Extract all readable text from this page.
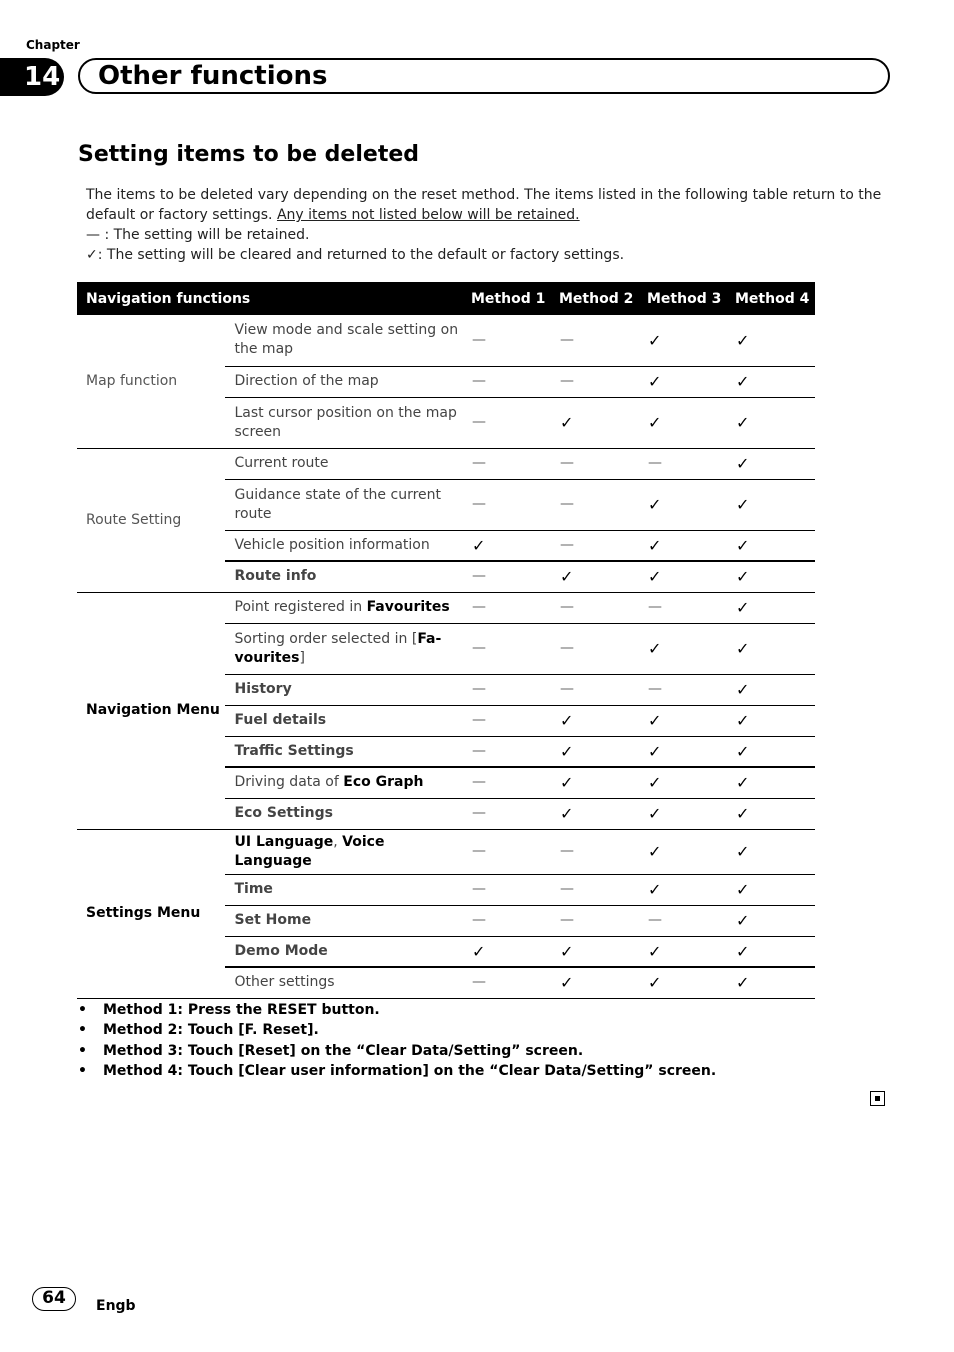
Chapter
14 Other functions
Setting items to be deleted

The items to be deleted vary depending on the reset method. The items listed in the following table return to the default or factory settings. Any items not listed below will be retained.

— : The setting will be retained.

✓: The setting will be cleared and returned to the default or factory settings.

Navigation functions		Method 1	Method 2	Method 3	Method 4
Map function	View mode and scale setting on the map	—	—	✓	✓
	Direction of the map	—	—	✓	✓
	Last cursor position on the map screen	—	✓	✓	✓
Route Setting	Current route	—	—	—	✓
	Guidance state of the current route	—	—	✓	✓
	Vehicle position information	✓	—	✓	✓
	Route info	—	✓	✓	✓
Navigation Menu	Point registered in Favourites	—	—	—	✓
	Sorting order selected in [Fa-vourites]	—	—	✓	✓
	History	—	—	—	✓
	Fuel details	—	✓	✓	✓
	Traffic Settings	—	✓	✓	✓
	Driving data of Eco Graph	—	✓	✓	✓
	Eco Settings	—	✓	✓	✓
Settings Menu	UI Language, Voice Language	—	—	✓	✓
	Time	—	—	✓	✓
	Set Home	—	—	—	✓
	Demo Mode	✓	✓	✓	✓
	Other settings	—	✓	✓	✓
• Method 1: Press the RESET button.
• Method 2: Touch [F. Reset].
• Method 3: Touch [Reset] on the “Clear Data/Setting” screen.
• Method 4: Touch [Clear user information] on the “Clear Data/Setting” screen.
64	Engb
